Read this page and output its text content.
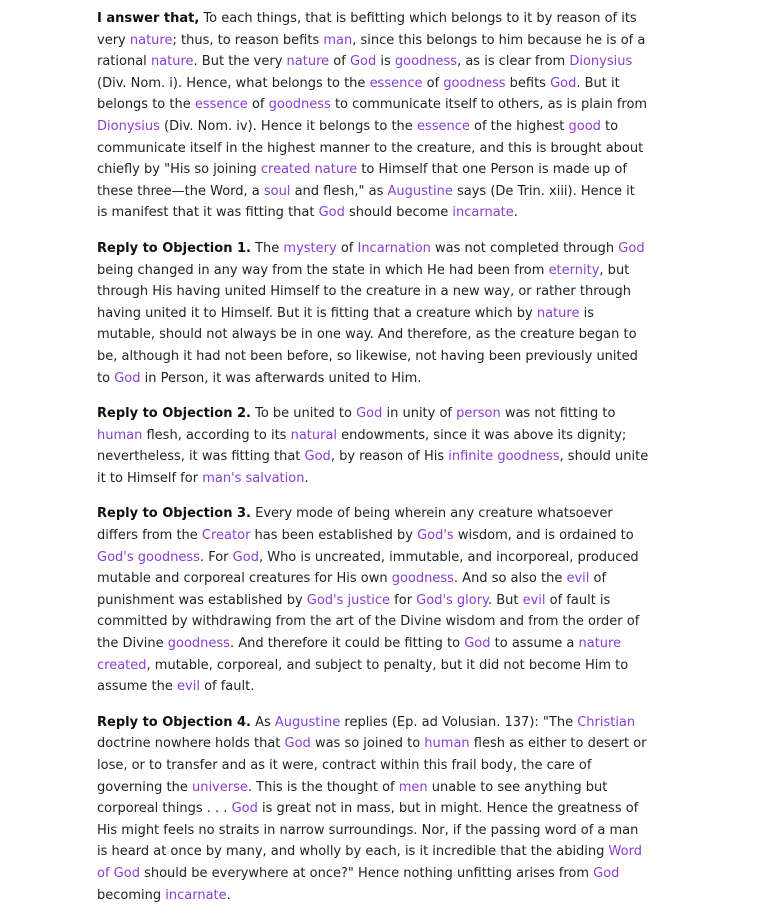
I answer that, To each things, that is befitting which belongs to it by reason of its very nature; thus, to reason befits man, since this belongs to him because he is of a rational nature. But the very nature of God is goodness, as is clear from Dionysius (Div. Nom. i). Hence, what belongs to the essence of goodness befits God. But it belongs to the essence of goodness to communicate itself to others, as is plain from Dionysius (Div. Nom. iv). Hence it belongs to the essence of the highest good to communicate itself in the highest manner to the creature, and this is brought about chiefly by "His so joining created nature to Himself that one Person is made up of these three—the Word, a soul and flesh," as Augustine says (De Trin. xiii). Hence it is manifest that it was fitting that God should become incarnate.

Reply to Objection 1. The mystery of Incarnation was not completed through God being changed in any way from the state in which He had been from eternity, but through His having united Himself to the creature in a new way, or rather through having united it to Himself. But it is fitting that a creature which by nature is mutable, should not always be in one way. And therefore, as the creature began to be, although it had not been before, so likewise, not having been previously united to God in Person, it was afterwards united to Him.

Reply to Objection 2. To be united to God in unity of person was not fitting to human flesh, according to its natural endowments, since it was above its dignity; nevertheless, it was fitting that God, by reason of His infinite goodness, should unite it to Himself for man's salvation.

Reply to Objection 3. Every mode of being wherein any creature whatsoever differs from the Creator has been established by God's wisdom, and is ordained to God's goodness. For God, Who is uncreated, immutable, and incorporeal, produced mutable and corporeal creatures for His own goodness. And so also the evil of punishment was established by God's justice for God's glory. But evil of fault is committed by withdrawing from the art of the Divine wisdom and from the order of the Divine goodness. And therefore it could be fitting to God to assume a nature created, mutable, corporeal, and subject to penalty, but it did not become Him to assume the evil of fault.

Reply to Objection 4. As Augustine replies (Ep. ad Volusian. 137): "The Christian doctrine nowhere holds that God was so joined to human flesh as either to desert or lose, or to transfer and as it were, contract within this frail body, the care of governing the universe. This is the thought of men unable to see anything but corporeal things . . . God is great not in mass, but in might. Hence the greatness of His might feels no straits in narrow surroundings. Nor, if the passing word of a man is heard at once by many, and wholly by each, is it incredible that the abiding Word of God should be everywhere at once?" Hence nothing unfitting arises from God becoming incarnate.
